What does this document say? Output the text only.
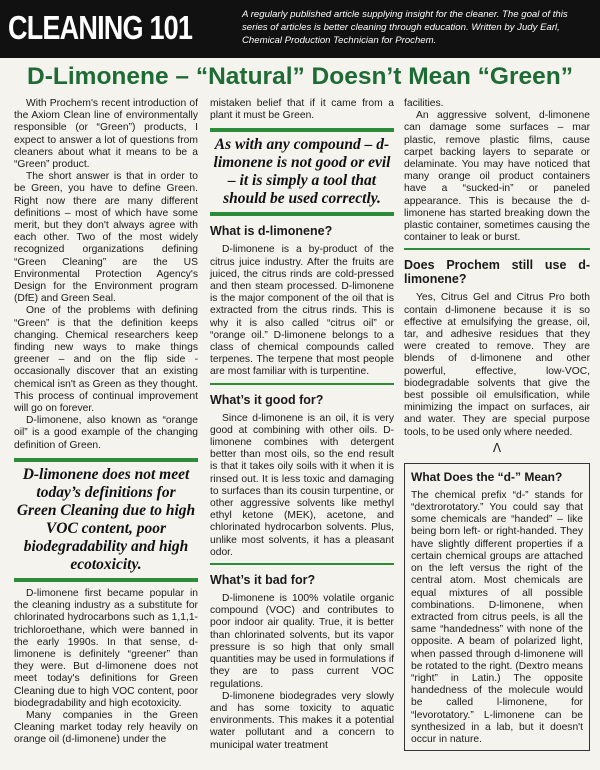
CLEANING 101	A regularly published article supplying insight for the cleaner. The goal of this series of articles is better cleaning through education. Written by Judy Earl, Chemical Production Technician for Prochem.
D-Limonene – “Natural” Doesn’t Mean “Green”

With Prochem's recent introduction of the Axiom Clean line of environmentally responsible (or “Green”) products, I expect to answer a lot of questions from cleaners about what it means to be a “Green” product.

The short answer is that in order to be Green, you have to define Green. Right now there are many different definitions – most of which have some merit, but they don't always agree with each other. Two of the most widely recognized organizations defining “Green Cleaning” are the US Environmental Protection Agency's Design for the Environment program (DfE) and Green Seal.

One of the problems with defining “Green” is that the definition keeps changing. Chemical researchers keep finding new ways to make things greener – and on the flip side - occasionally discover that an existing chemical isn't as Green as they thought. This process of continual improvement will go on forever.

D-limonene, also known as “orange oil” is a good example of the changing definition of Green.

D-limonene does not meet today’s definitions for Green Cleaning due to high VOC content, poor biodegradability and high ecotoxicity.

D-limonene first became popular in the cleaning industry as a substitute for chlorinated hydrocarbons such as 1,1,1-trichloroethane, which were banned in the early 1990s. In that sense, d-limonene is definitely “greener” than they were. But d-limonene does not meet today's definitions for Green Cleaning due to high VOC content, poor biodegradability and high ecotoxicity.

Many companies in the Green Cleaning market today rely heavily on orange oil (d-limonene) under the

mistaken belief that if it came from a plant it must be Green.

As with any compound – d-limonene is not good or evil – it is simply a tool that should be used correctly.
What is d-limonene?

D-limonene is a by-product of the citrus juice industry. After the fruits are juiced, the citrus rinds are cold-pressed and then steam processed. D-limonene is the major component of the oil that is extracted from the citrus rinds. This is why it is also called “citrus oil” or “orange oil.” D-limonene belongs to a class of chemical compounds called terpenes. The terpene that most people are most familiar with is turpentine.

What’s it good for?

Since d-limonene is an oil, it is very good at combining with other oils. D-limonene combines with detergent better than most oils, so the end result is that it takes oily soils with it when it is rinsed out. It is less toxic and damaging to surfaces than its cousin turpentine, or other aggressive solvents like methyl ethyl ketone (MEK), acetone, and chlorinated hydrocarbon solvents. Plus, unlike most solvents, it has a pleasant odor.

What’s it bad for?

D-limonene is 100% volatile organic compound (VOC) and contributes to poor indoor air quality. True, it is better than chlorinated solvents, but its vapor pressure is so high that only small quantities may be used in formulations if they are to pass current VOC regulations.

D-limonene biodegrades very slowly and has some toxicity to aquatic environments. This makes it a potential water pollutant and a concern to municipal water treatment

facilities.

An aggressive solvent, d-limonene can damage some surfaces – mar plastic, remove plastic films, cause carpet backing layers to separate or delaminate. You may have noticed that many orange oil product containers have a “sucked-in” or paneled appearance. This is because the d-limonene has started breaking down the plastic container, sometimes causing the container to leak or burst.

Does Prochem still use d-limonene?

Yes, Citrus Gel and Citrus Pro both contain d-limonene because it is so effective at emulsifying the grease, oil, tar, and adhesive residues that they were created to remove. They are blends of d-limonene and other powerful, effective, low-VOC, biodegradable solvents that give the best possible oil emulsification, while minimizing the impact on surfaces, air and water. They are special purpose tools, to be used only where needed.

ⴷ
What Does the “d-” Mean?

The chemical prefix “d-” stands for “dextrorotatory.” You could say that some chemicals are “handed” – like being born left- or right-handed. They have slightly different properties if a certain chemical groups are attached on the left versus the right of the central atom. Most chemicals are equal mixtures of all possible combinations. D-limonene, when extracted from citrus peels, is all the same “handedness” with none of the opposite. A beam of polarized light, when passed through d-limonene will be rotated to the right. (Dextro means “right” in Latin.) The opposite handedness of the molecule would be called l-limonene, for “levorotatory.” L-limonene can be synthesized in a lab, but it doesn't occur in nature.
